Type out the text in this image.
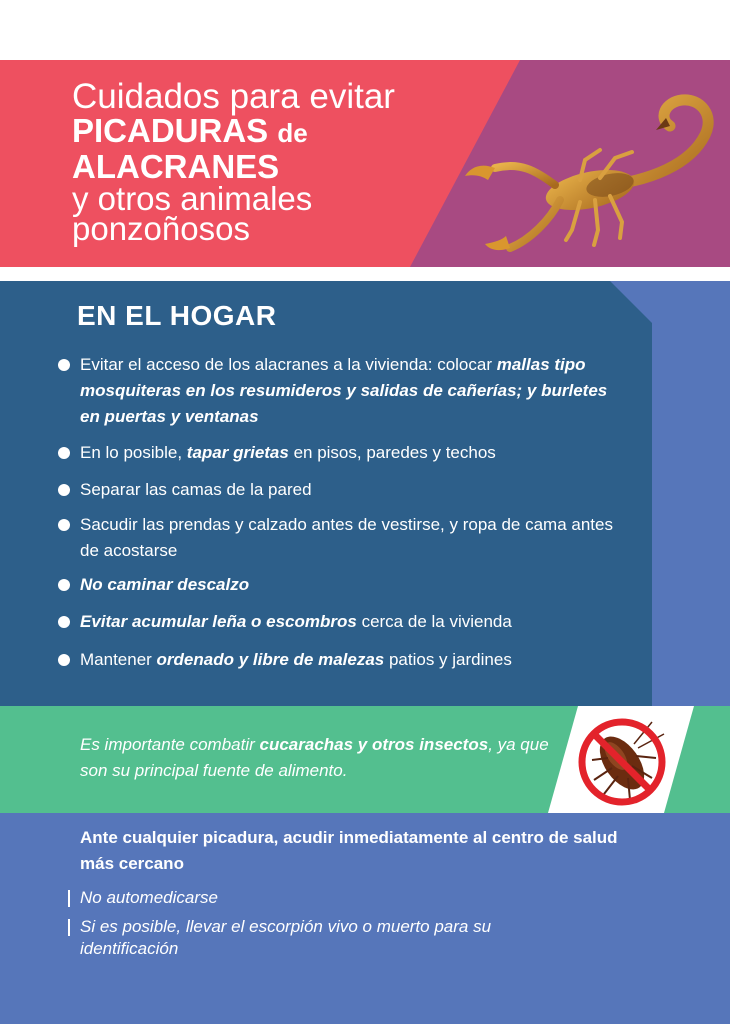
Cuidados para evitar
PICADURAS de
ALACRANES
y otros animales
ponzoñosos
EN EL HOGAR
Evitar el acceso de los alacranes a la vivienda: colocar mallas tipo mosquiteras en los resumideros y salidas de cañerías; y burletes en puertas y ventanas
En lo posible, tapar grietas en pisos, paredes y techos
Separar las camas de la pared
Sacudir las prendas y calzado antes de vestirse, y ropa de cama antes de acostarse
No caminar descalzo
Evitar acumular leña o escombros cerca de la vivienda
Mantener ordenado y libre de malezas patios y jardines

Es importante combatir cucarachas y otros insectos, ya que son su principal fuente de alimento.

Ante cualquier picadura, acudir inmediatamente al centro de salud más cercano

No automedicarse
Si es posible, llevar el escorpión vivo o muerto para su identificación
